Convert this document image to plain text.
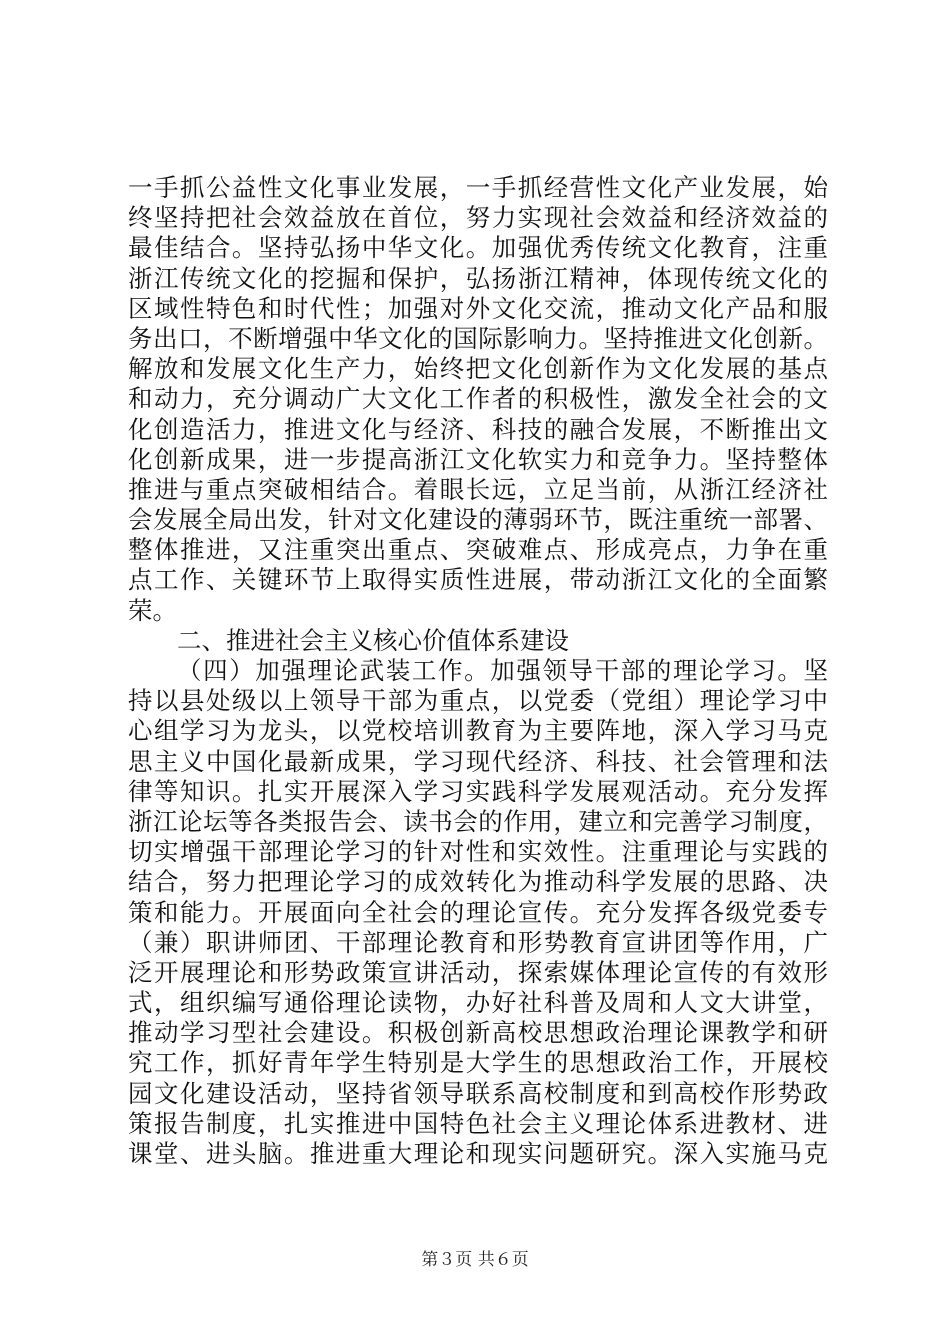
一手抓公益性文化事业发展，一手抓经营性文化产业发展，始
终坚持把社会效益放在首位，努力实现社会效益和经济效益的
最佳结合。坚持弘扬中华文化。加强优秀传统文化教育，注重
浙江传统文化的挖掘和保护，弘扬浙江精神，体现传统文化的
区域性特色和时代性；加强对外文化交流，推动文化产品和服
务出口，不断增强中华文化的国际影响力。坚持推进文化创新。
解放和发展文化生产力，始终把文化创新作为文化发展的基点
和动力，充分调动广大文化工作者的积极性，激发全社会的文
化创造活力，推进文化与经济、科技的融合发展，不断推出文
化创新成果，进一步提高浙江文化软实力和竞争力。坚持整体
推进与重点突破相结合。着眼长远，立足当前，从浙江经济社
会发展全局出发，针对文化建设的薄弱环节，既注重统一部署、
整体推进，又注重突出重点、突破难点、形成亮点，力争在重
点工作、关键环节上取得实质性进展，带动浙江文化的全面繁
荣。
二、推进社会主义核心价值体系建设
（四）加强理论武装工作。加强领导干部的理论学习。坚
持以县处级以上领导干部为重点，以党委（党组）理论学习中
心组学习为龙头，以党校培训教育为主要阵地，深入学习马克
思主义中国化最新成果，学习现代经济、科技、社会管理和法
律等知识。扎实开展深入学习实践科学发展观活动。充分发挥
浙江论坛等各类报告会、读书会的作用，建立和完善学习制度，
切实增强干部理论学习的针对性和实效性。注重理论与实践的
结合，努力把理论学习的成效转化为推动科学发展的思路、决
策和能力。开展面向全社会的理论宣传。充分发挥各级党委专
（兼）职讲师团、干部理论教育和形势教育宣讲团等作用，广
泛开展理论和形势政策宣讲活动，探索媒体理论宣传的有效形
式，组织编写通俗理论读物，办好社科普及周和人文大讲堂，
推动学习型社会建设。积极创新高校思想政治理论课教学和研
究工作，抓好青年学生特别是大学生的思想政治工作，开展校
园文化建设活动，坚持省领导联系高校制度和到高校作形势政
策报告制度，扎实推进中国特色社会主义理论体系进教材、进
课堂、进头脑。推进重大理论和现实问题研究。深入实施马克
第３页 共６页
